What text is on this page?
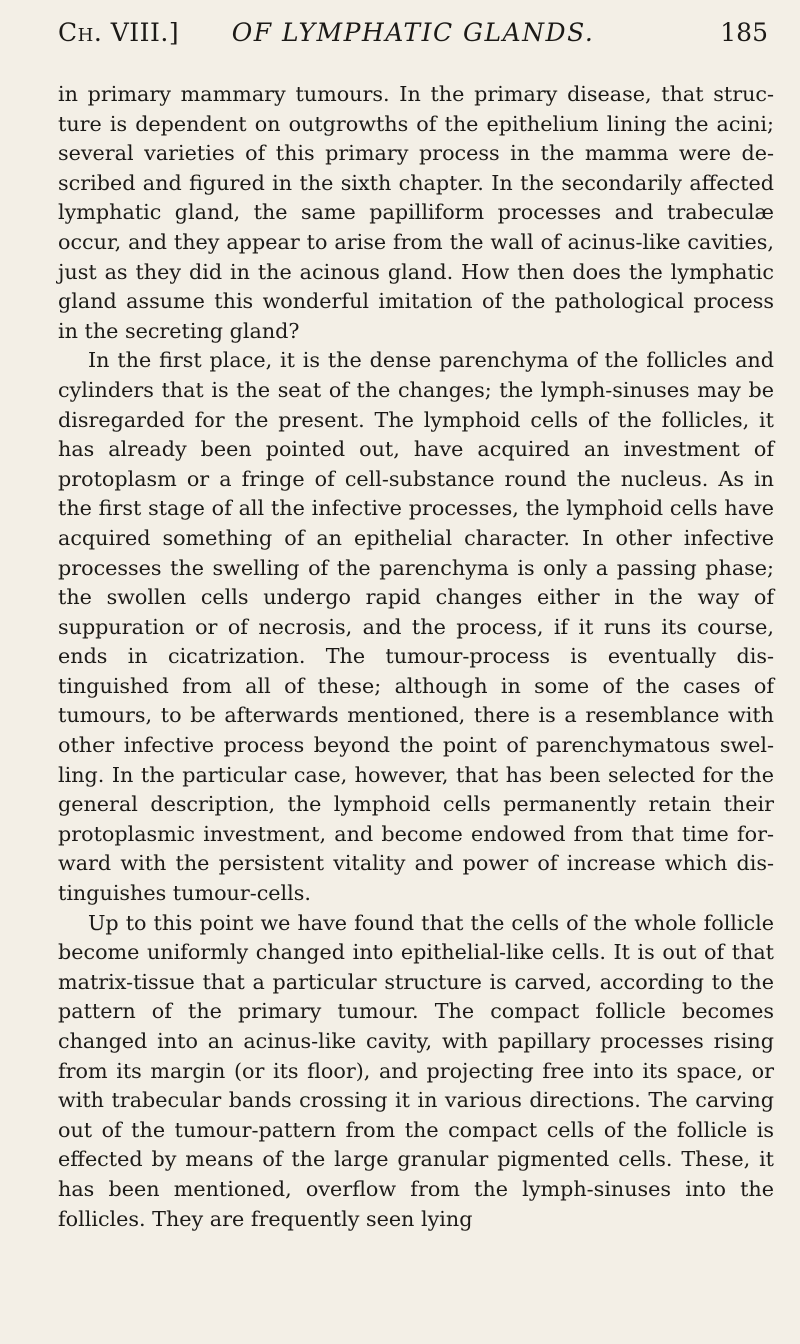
Ch. VIII.]	OF LYMPHATIC GLANDS.	185

in primary mammary tumours. In the primary disease, that structure is dependent on outgrowths of the epithelium lining the acini; several varieties of this primary process in the mamma were described and figured in the sixth chapter. In the secondarily affected lymphatic gland, the same papilliform processes and trabeculæ occur, and they appear to arise from the wall of acinus-like cavities, just as they did in the acinous gland. How then does the lymphatic gland assume this wonderful imitation of the pathological process in the secreting gland?

In the first place, it is the dense parenchyma of the follicles and cylinders that is the seat of the changes; the lymph-sinuses may be disregarded for the present. The lymphoid cells of the follicles, it has already been pointed out, have acquired an investment of protoplasm or a fringe of cell-substance round the nucleus. As in the first stage of all the infective processes, the lymphoid cells have acquired something of an epithelial character. In other infective processes the swelling of the parenchyma is only a passing phase; the swollen cells undergo rapid changes either in the way of suppuration or of necrosis, and the process, if it runs its course, ends in cicatrization. The tumour-process is eventually distinguished from all of these; although in some of the cases of tumours, to be afterwards mentioned, there is a resemblance with other infective process beyond the point of parenchymatous swelling. In the particular case, however, that has been selected for the general description, the lymphoid cells permanently retain their protoplasmic investment, and become endowed from that time forward with the persistent vitality and power of increase which distinguishes tumour-cells.

Up to this point we have found that the cells of the whole follicle become uniformly changed into epithelial-like cells. It is out of that matrix-tissue that a particular structure is carved, according to the pattern of the primary tumour. The compact follicle becomes changed into an acinus-like cavity, with papillary processes rising from its margin (or its floor), and projecting free into its space, or with trabecular bands crossing it in various directions. The carving out of the tumour-pattern from the compact cells of the follicle is effected by means of the large granular pigmented cells. These, it has been mentioned, overflow from the lymph-sinuses into the follicles. They are frequently seen lying
